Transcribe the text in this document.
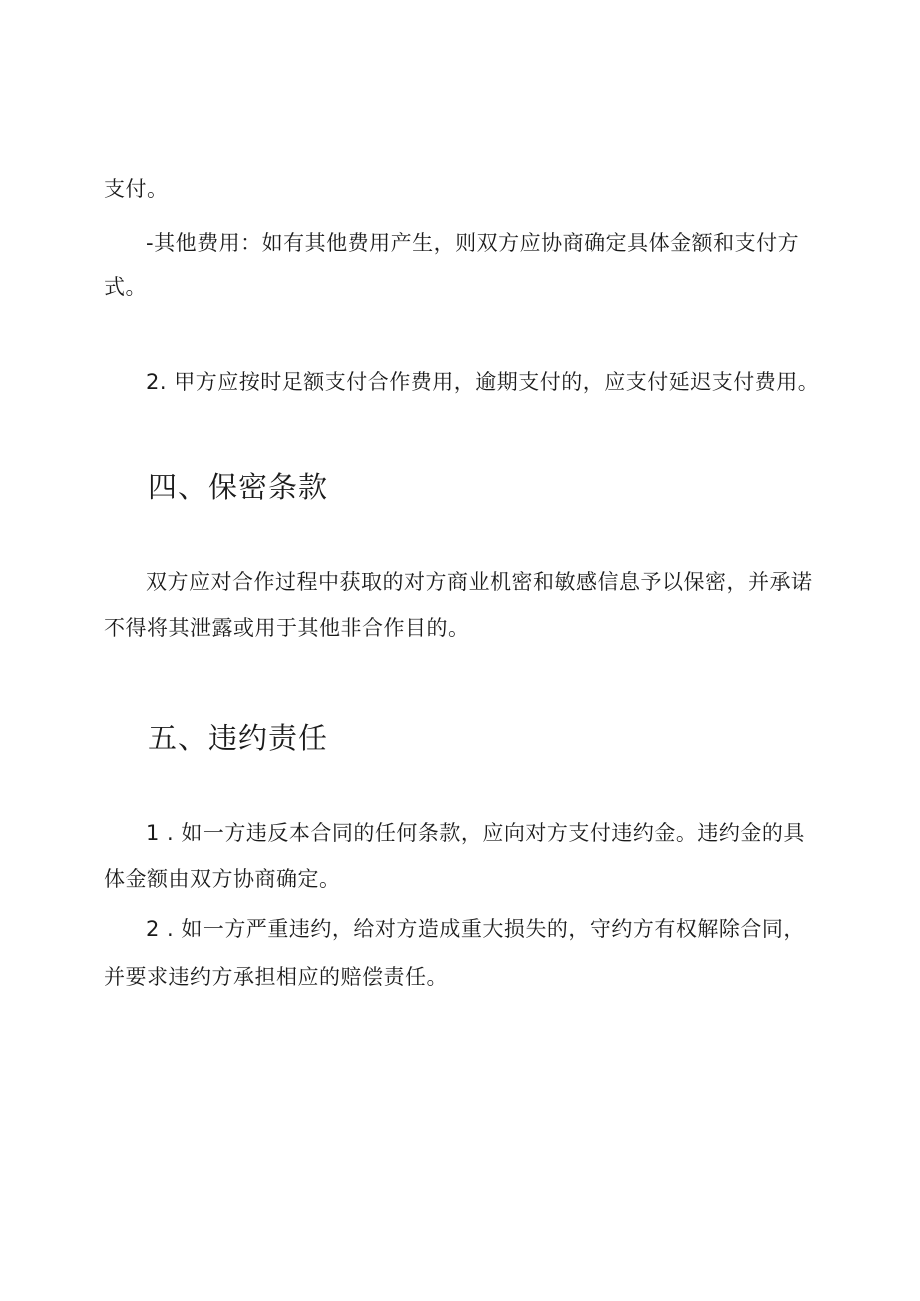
支付。

-其他费用：如有其他费用产生，则双方应协商确定具体金额和支付方

式。

2. 甲方应按时足额支付合作费用，逾期支付的，应支付延迟支付费用。

四、保密条款

双方应对合作过程中获取的对方商业机密和敏感信息予以保密，并承诺

不得将其泄露或用于其他非合作目的。

五、违约责任

1 . 如一方违反本合同的任何条款，应向对方支付违约金。违约金的具

体金额由双方协商确定。

2 . 如一方严重违约，给对方造成重大损失的，守约方有权解除合同，

并要求违约方承担相应的赔偿责任。
